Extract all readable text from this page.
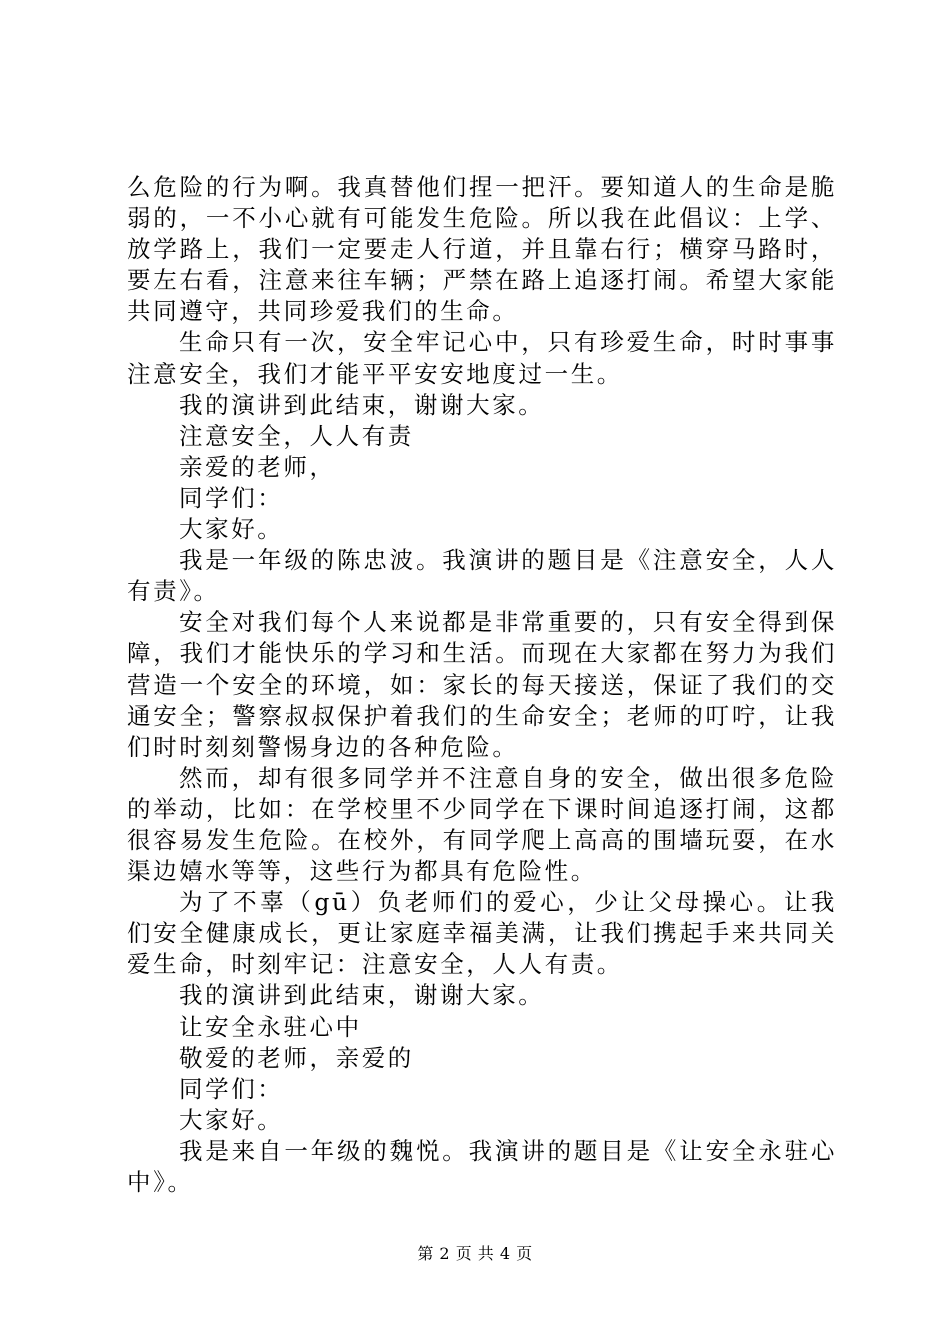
么危险的行为啊。我真替他们捏一把汗。要知道人的生命是脆弱的，一不小心就有可能发生危险。所以我在此倡议：上学、放学路上，我们一定要走人行道，并且靠右行；横穿马路时，要左右看，注意来往车辆；严禁在路上追逐打闹。希望大家能共同遵守，共同珍爱我们的生命。

生命只有一次，安全牢记心中，只有珍爱生命，时时事事注意安全，我们才能平平安安地度过一生。

我的演讲到此结束，谢谢大家。

注意安全，人人有责

亲爱的老师，

同学们：

大家好。

我是一年级的陈忠波。我演讲的题目是《注意安全，人人有责》。

安全对我们每个人来说都是非常重要的，只有安全得到保障，我们才能快乐的学习和生活。而现在大家都在努力为我们营造一个安全的环境，如：家长的每天接送，保证了我们的交通安全；警察叔叔保护着我们的生命安全；老师的叮咛，让我们时时刻刻警惕身边的各种危险。

然而，却有很多同学并不注意自身的安全，做出很多危险的举动，比如：在学校里不少同学在下课时间追逐打闹，这都很容易发生危险。在校外，有同学爬上高高的围墙玩耍，在水渠边嬉水等等，这些行为都具有危险性。

为了不辜（gū）负老师们的爱心，少让父母操心。让我们安全健康成长，更让家庭幸福美满，让我们携起手来共同关爱生命，时刻牢记：注意安全，人人有责。

我的演讲到此结束，谢谢大家。

让安全永驻心中

敬爱的老师，亲爱的

同学们：

大家好。

我是来自一年级的魏悦。我演讲的题目是《让安全永驻心中》。

第 2 页 共 4 页
